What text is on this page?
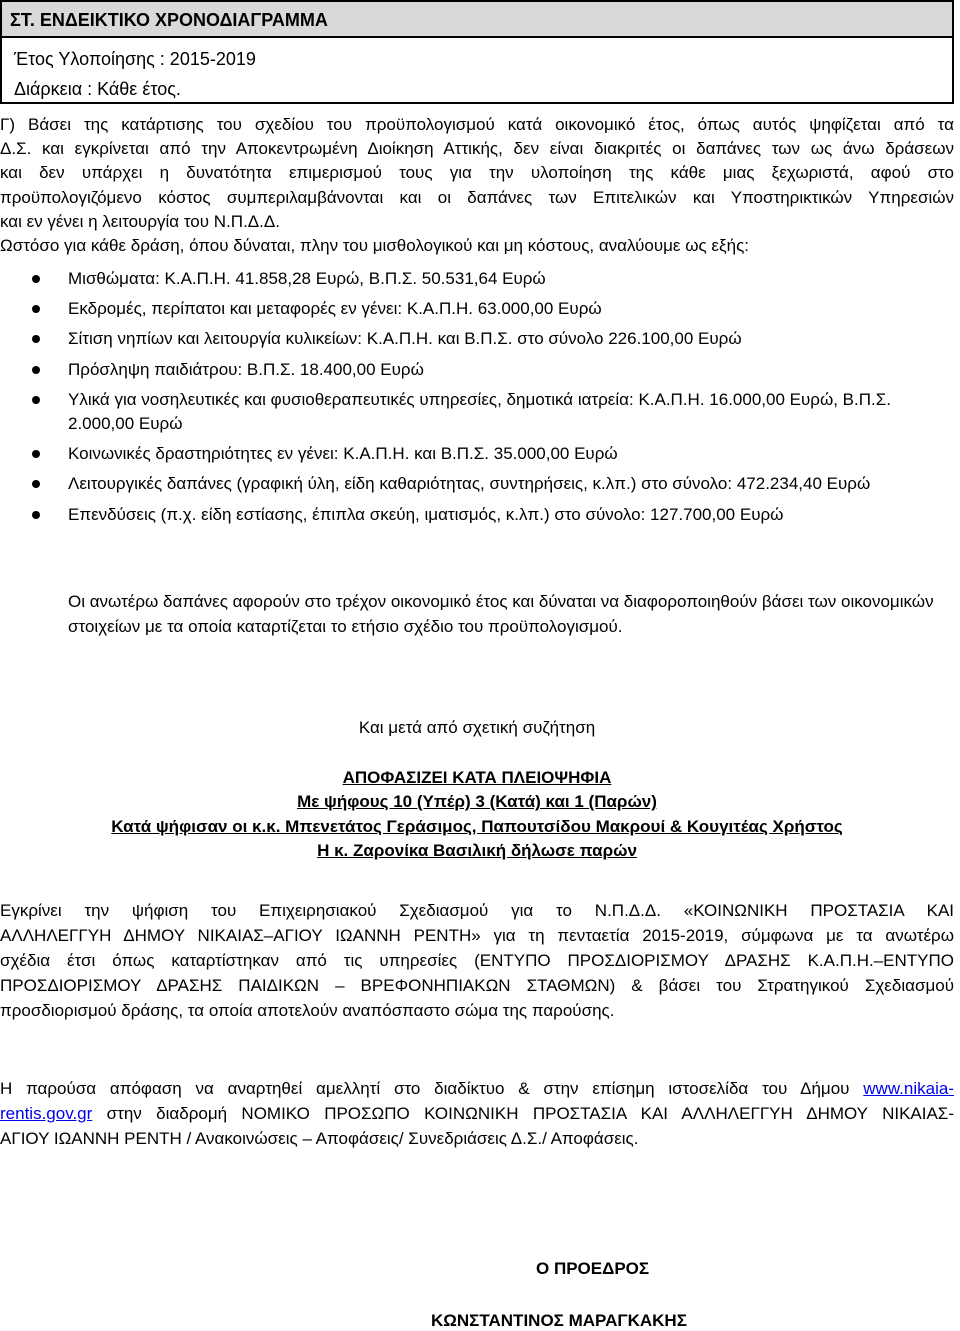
ΣΤ. ΕΝΔΕΙΚΤΙΚΟ ΧΡΟΝΟΔΙΑΓΡΑΜΜΑ
Έτος Υλοποίησης : 2015-2019
Διάρκεια : Κάθε έτος.
Γ) Βάσει της κατάρτισης του σχεδίου του προϋπολογισμού κατά οικονομικό έτος, όπως αυτός ψηφίζεται από τα
Δ.Σ. και εγκρίνεται από την Αποκεντρωμένη Διοίκηση Αττικής, δεν είναι διακριτές οι δαπάνες των ως άνω δράσεων
και δεν υπάρχει η δυνατότητα επιμερισμού τους για την υλοποίηση της κάθε μιας ξεχωριστά, αφού στο
προϋπολογιζόμενο κόστος συμπεριλαμβάνονται και οι δαπάνες των Επιτελικών και Υποστηρικτικών Υπηρεσιών
και εν γένει η λειτουργία του Ν.Π.Δ.Δ.
Ωστόσο για κάθε δράση, όπου δύναται, πλην του μισθολογικού και μη κόστους, αναλύουμε ως εξής:
Μισθώματα: Κ.Α.Π.Η. 41.858,28 Ευρώ, Β.Π.Σ. 50.531,64 Ευρώ
Εκδρομές, περίπατοι και μεταφορές εν γένει: Κ.Α.Π.Η. 63.000,00 Ευρώ
Σίτιση νηπίων και λειτουργία κυλικείων: Κ.Α.Π.Η. και Β.Π.Σ. στο σύνολο 226.100,00 Ευρώ
Πρόσληψη παιδιάτρου: Β.Π.Σ. 18.400,00 Ευρώ
Υλικά για νοσηλευτικές και φυσιοθεραπευτικές υπηρεσίες, δημοτικά ιατρεία: Κ.Α.Π.Η. 16.000,00 Ευρώ, Β.Π.Σ. 2.000,00 Ευρώ
Κοινωνικές δραστηριότητες εν γένει: Κ.Α.Π.Η. και Β.Π.Σ. 35.000,00 Ευρώ
Λειτουργικές δαπάνες (γραφική ύλη, είδη καθαριότητας, συντηρήσεις, κ.λπ.) στο σύνολο: 472.234,40 Ευρώ
Επενδύσεις (π.χ. είδη εστίασης, έπιπλα σκεύη, ιματισμός, κ.λπ.) στο σύνολο: 127.700,00 Ευρώ
Οι ανωτέρω δαπάνες αφορούν στο τρέχον οικονομικό έτος και δύναται να διαφοροποιηθούν βάσει των οικονομικών στοιχείων με τα οποία καταρτίζεται το ετήσιο σχέδιο του προϋπολογισμού.
Και μετά από σχετική συζήτηση
ΑΠΟΦΑΣΙΖΕΙ ΚΑΤΑ ΠΛΕΙΟΨΗΦΙΑ
Με ψήφους 10 (Υπέρ) 3 (Κατά) και 1 (Παρών)
Κατά ψήφισαν οι κ.κ. Μπενετάτος Γεράσιμος, Παπουτσίδου Μακρουί & Κουγιτέας Χρήστος
Η κ. Ζαρονίκα Βασιλική δήλωσε παρών
Εγκρίνει την ψήφιση του Επιχειρησιακού Σχεδιασμού για το Ν.Π.Δ.Δ. «ΚΟΙΝΩΝΙΚΗ ΠΡΟΣΤΑΣΙΑ ΚΑΙ
ΑΛΛΗΛΕΓΓΥΗ ΔΗΜΟΥ ΝΙΚΑΙΑΣ–ΑΓΙΟΥ ΙΩΑΝΝΗ ΡΕΝΤΗ» για τη πενταετία 2015-2019, σύμφωνα με τα ανωτέρω
σχέδια έτσι όπως καταρτίστηκαν από τις υπηρεσίες (ΕΝΤΥΠΟ ΠΡΟΣΔΙΟΡΙΣΜΟΥ ΔΡΑΣΗΣ Κ.Α.Π.Η.–ΕΝΤΥΠΟ
ΠΡΟΣΔΙΟΡΙΣΜΟΥ ΔΡΑΣΗΣ ΠΑΙΔΙΚΩΝ – ΒΡΕΦΟΝΗΠΙΑΚΩΝ ΣΤΑΘΜΩΝ) & βάσει του Στρατηγικού Σχεδιασμού
προσδιορισμού δράσης, τα οποία αποτελούν αναπόσπαστο σώμα της παρούσης.
Η παρούσα απόφαση να αναρτηθεί αμελλητί στο διαδίκτυο & στην επίσημη ιστοσελίδα του Δήμου www.nikaia-
rentis.gov.gr στην διαδρομή ΝΟΜΙΚΟ ΠΡΟΣΩΠΟ ΚΟΙΝΩΝΙΚΗ ΠΡΟΣΤΑΣΙΑ ΚΑΙ ΑΛΛΗΛΕΓΓΥΗ ΔΗΜΟΥ ΝΙΚΑΙΑΣ-
ΑΓΙΟΥ ΙΩΑΝΝΗ ΡΕΝΤΗ / Ανακοινώσεις – Αποφάσεις/ Συνεδριάσεις Δ.Σ./ Αποφάσεις.
Ο ΠΡΟΕΔΡΟΣ
ΚΩΝΣΤΑΝΤΙΝΟΣ ΜΑΡΑΓΚΑΚΗΣ
